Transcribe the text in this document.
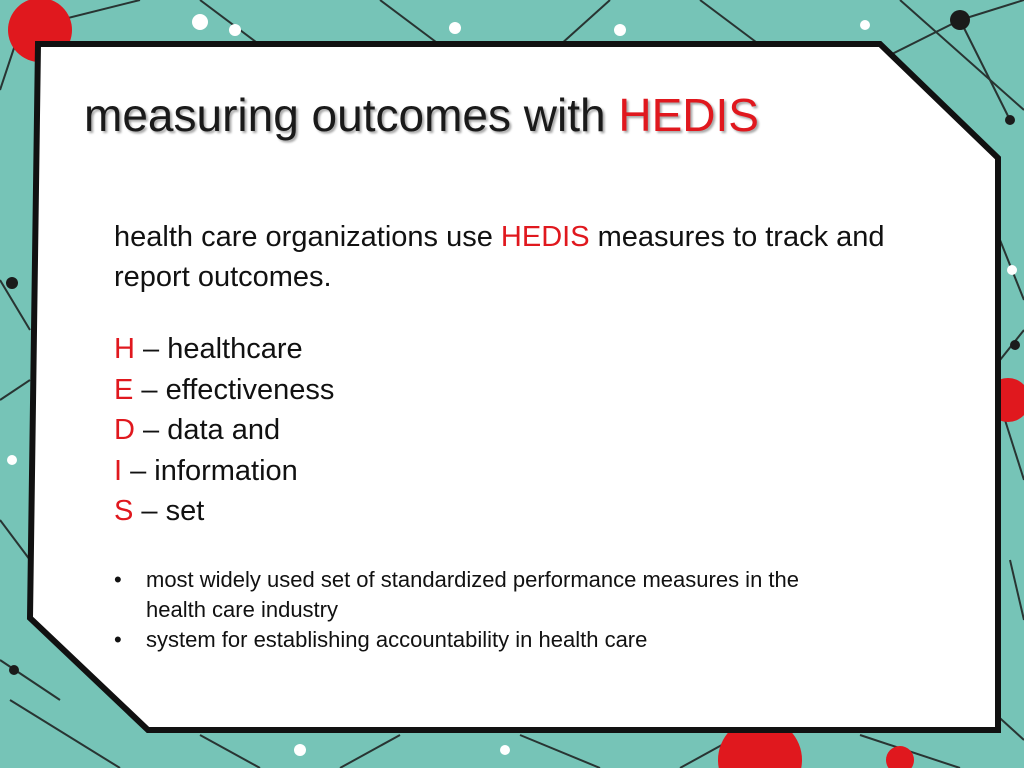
measuring outcomes with HEDIS

health care organizations use HEDIS measures to track and report outcomes.

H – healthcare
E – effectiveness
D – data and
I – information
S – set
• most widely used set of standardized performance measures in the health care industry
• system for establishing accountability in health care
